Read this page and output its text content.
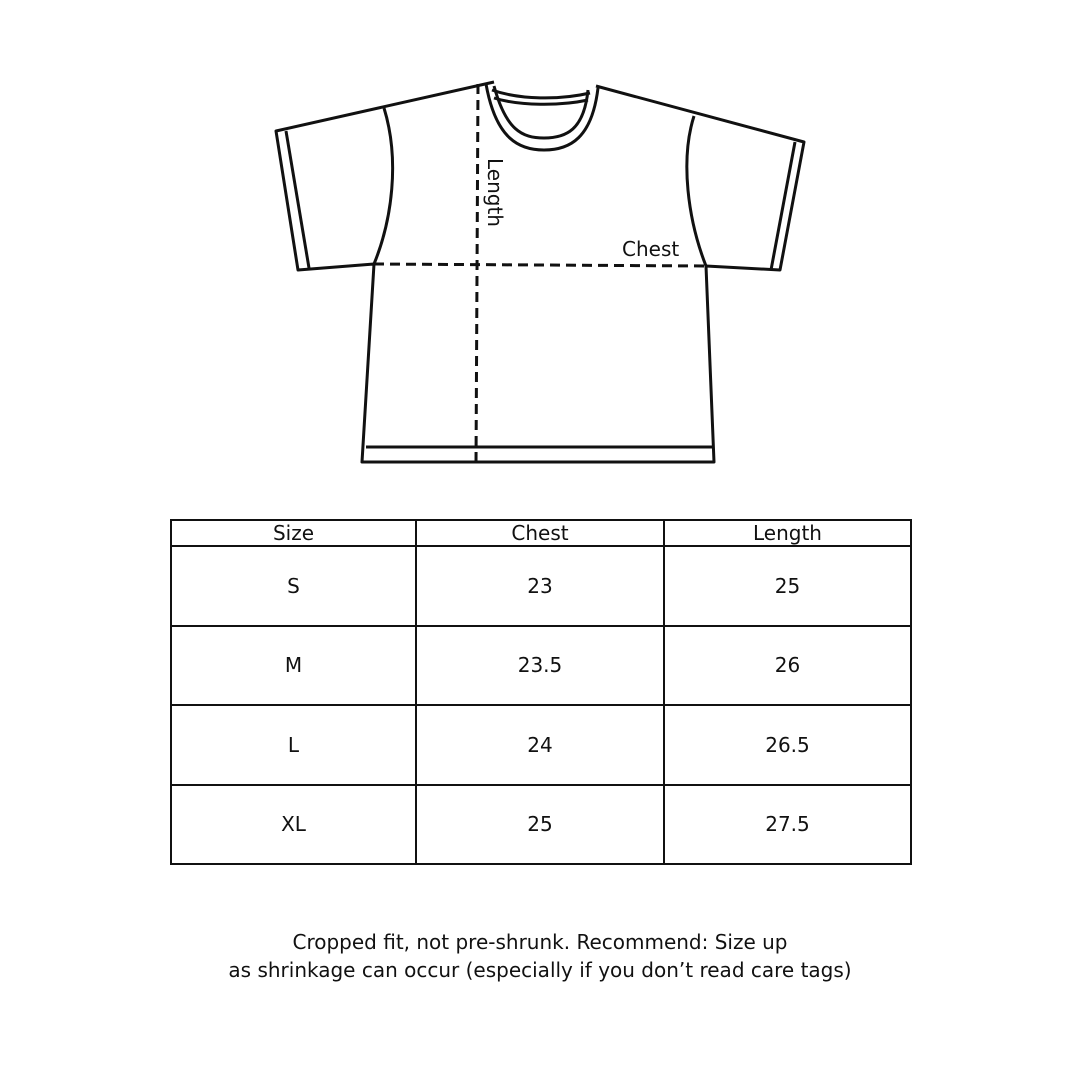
Length
Chest
Size	Chest	Length
S	23	25
M	23.5	26
L	24	26.5
XL	25	27.5

Cropped fit, not pre-shrunk. Recommend: Size up

as shrinkage can occur (especially if you don’t read care tags)
